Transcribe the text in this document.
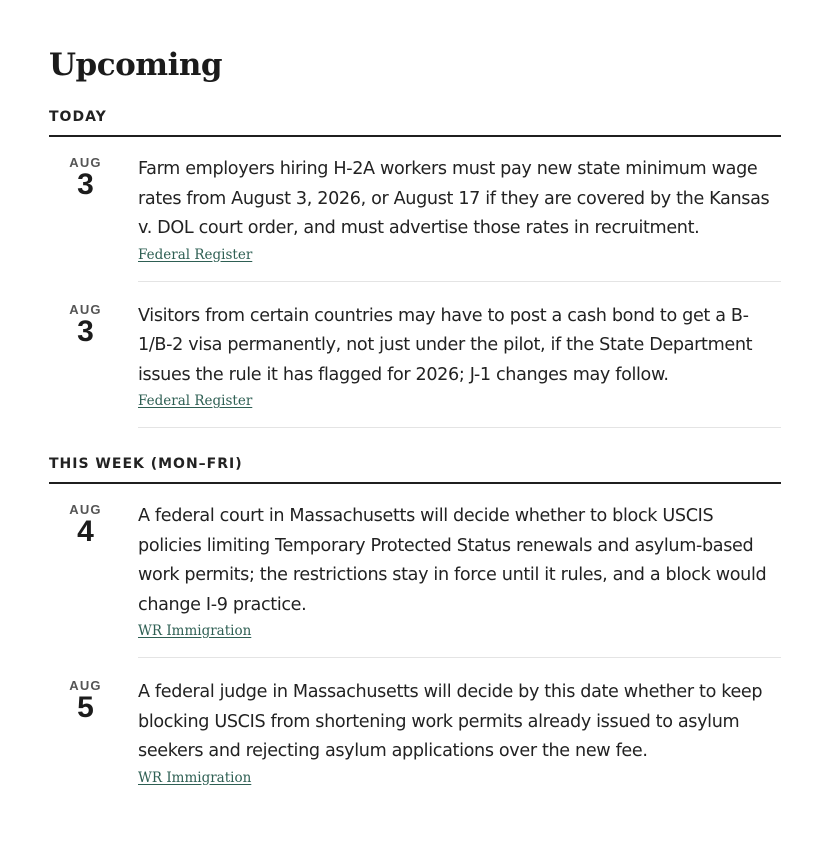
Upcoming
TODAY
AUG
3	Farm employers hiring H-2A workers must pay new state minimum wage rates from August 3, 2026, or August 17 if they are covered by the Kansas v. DOL court order, and must advertise those rates in recruitment.

Federal Register
AUG
3	Visitors from certain countries may have to post a cash bond to get a B-1/B-2 visa permanently, not just under the pilot, if the State Department issues the rule it has flagged for 2026; J-1 changes may follow.

Federal Register
THIS WEEK (MON–FRI)
AUG
4	A federal court in Massachusetts will decide whether to block USCIS policies limiting Temporary Protected Status renewals and asylum-based work permits; the restrictions stay in force until it rules, and a block would change I-9 practice.

WR Immigration
AUG
5	A federal judge in Massachusetts will decide by this date whether to keep blocking USCIS from shortening work permits already issued to asylum seekers and rejecting asylum applications over the new fee.

WR Immigration
